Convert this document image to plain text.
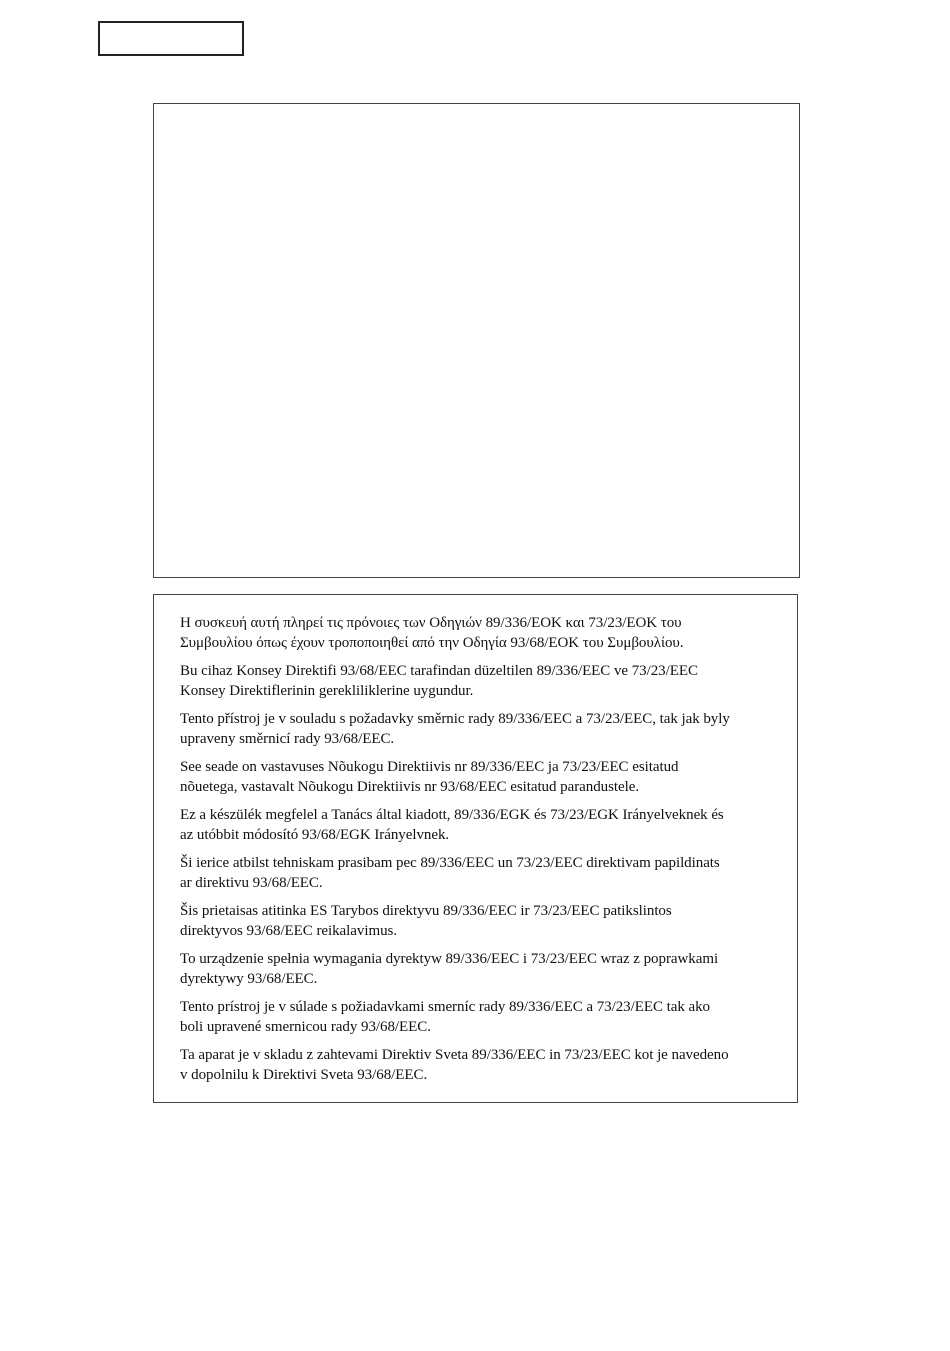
Η συσκευή αυτή πληρεί τις πρόνοιες των Οδηγιών 89/336/ΕΟΚ και 73/23/ΕΟΚ του
Συμβουλίου όπως έχουν τροποποιηθεί από την Οδηγία 93/68/ΕΟΚ του Συμβουλίου.

Bu cihaz Konsey Direktifi 93/68/EEC tarafindan düzeltilen 89/336/EEC ve 73/23/EEC
Konsey Direktiflerinin gerekliliklerine uygundur.

Tento přístroj je v souladu s požadavky směrnic rady 89/336/EEC a 73/23/EEC, tak jak byly
upraveny směrnicí rady 93/68/EEC.

See seade on vastavuses Nõukogu Direktiivis nr 89/336/EEC ja 73/23/EEC esitatud
nõuetega, vastavalt Nõukogu Direktiivis nr 93/68/EEC esitatud parandustele.

Ez a készülék megfelel a Tanács által kiadott, 89/336/EGK és 73/23/EGK Irányelveknek és
az utóbbit módosító 93/68/EGK Irányelvnek.

Ši ierice atbilst tehniskam prasibam pec 89/336/EEC un 73/23/EEC direktivam papildinats
ar direktivu 93/68/EEC.

Šis prietaisas atitinka ES Tarybos direktyvu 89/336/EEC ir 73/23/EEC patikslintos
direktyvos 93/68/EEC reikalavimus.

To urządzenie spełnia wymagania dyrektyw 89/336/EEC i 73/23/EEC wraz z poprawkami
dyrektywy 93/68/EEC.

Tento prístroj je v súlade s požiadavkami smerníc rady 89/336/EEC a 73/23/EEC tak ako
boli upravené smernicou rady 93/68/EEC.

Ta aparat je v skladu z zahtevami Direktiv Sveta 89/336/EEC in 73/23/EEC kot je navedeno
v dopolnilu k Direktivi Sveta 93/68/EEC.
